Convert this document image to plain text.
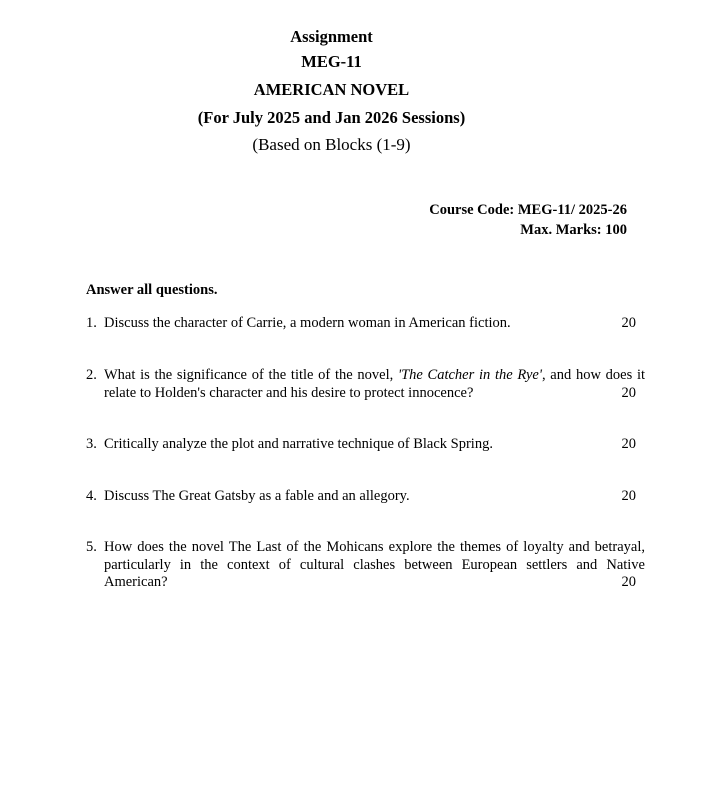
Assignment
MEG-11
AMERICAN NOVEL
(For July 2025 and Jan 2026 Sessions)
(Based on Blocks (1-9)
Course Code: MEG-11/ 2025-26
Max. Marks: 100
Answer all questions.
1. Discuss the character of Carrie, a modern woman in American fiction.	20
2. What is the significance of the title of the novel, 'The Catcher in the Rye', and how does it relate to Holden's character and his desire to protect innocence?	20
3. Critically analyze the plot and narrative technique of Black Spring.	20
4. Discuss The Great Gatsby as a fable and an allegory.	20
5. How does the novel The Last of the Mohicans explore the themes of loyalty and betrayal, particularly in the context of cultural clashes between European settlers and Native American?	20
